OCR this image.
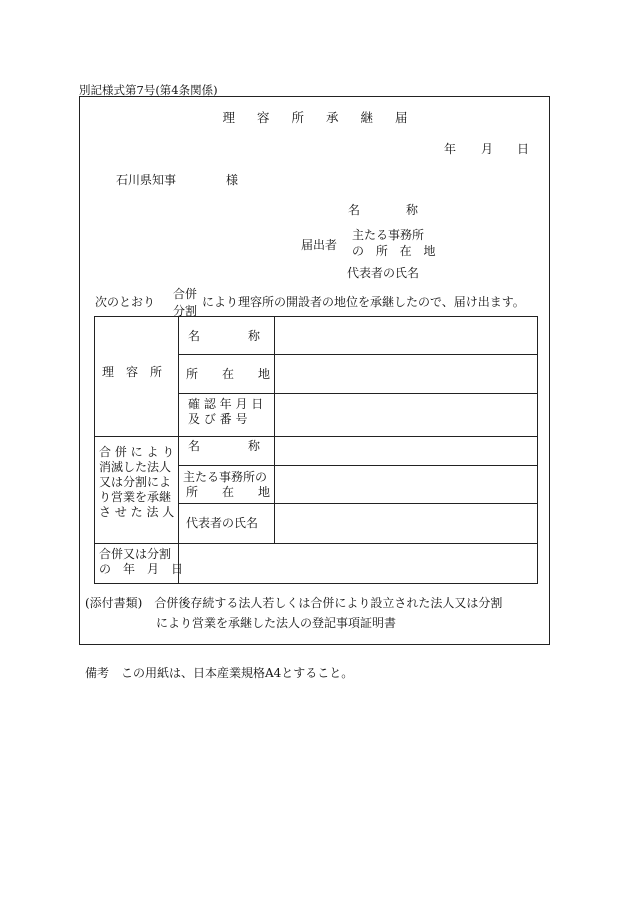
別記様式第7号(第4条関係)
理 容 所 承 継 届
年 月 日
石川県知事	様
名	称
届出者
主たる事務所
の 所 在 地
代表者の氏名
次のとおり
合併
分割
により理容所の開設者の地位を承継したので、届け出ます。
理　容　所
名　　　　称
所　　在　　地
確 認 年 月 日
及 び 番 号
合 併 に よ り
消滅した法人
又は分割によ
り営業を承継
さ せ た 法 人
名　　　　称
主たる事務所の
所　　在　　地
代表者の氏名
合併又は分割
の　年　月　日
(添付書類)　合併後存続する法人若しくは合併により設立された法人又は分割
により営業を承継した法人の登記事項証明書
備考　この用紙は、日本産業規格A4とすること。
